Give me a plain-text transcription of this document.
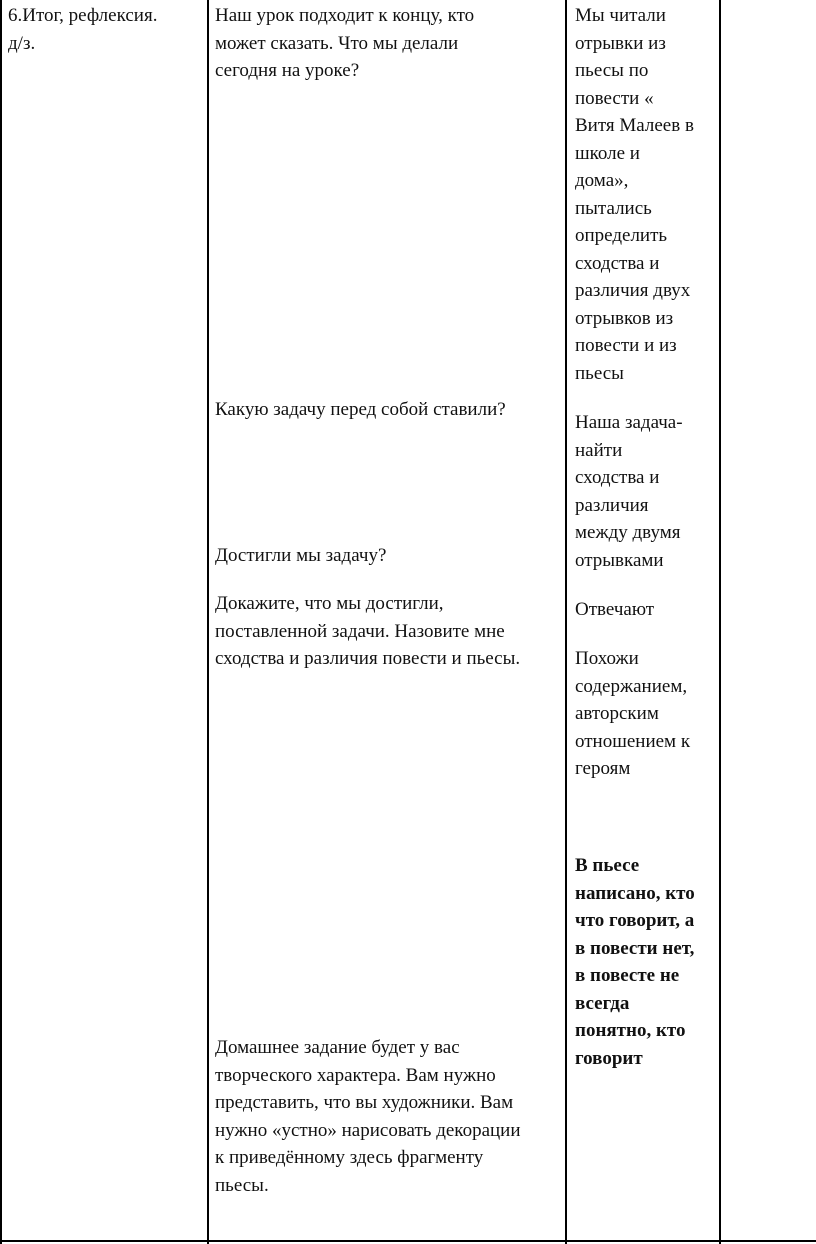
6.Итог, рефлексия.
д/з.
Наш урок подходит к концу, кто
может сказать. Что мы делали
сегодня на уроке?
Какую задачу перед собой ставили?
Достигли мы задачу?
Докажите, что мы достигли,
поставленной задачи. Назовите мне
сходства и различия повести и пьесы.
Домашнее задание будет у вас
творческого характера. Вам нужно
представить, что вы художники. Вам
нужно «устно» нарисовать декорации
к приведённому здесь фрагменту
пьесы.
Мы читали
отрывки из
пьесы по
повести «
Витя Малеев в
школе и
дома»,
пытались
определить
сходства и
различия двух
отрывков из
повести и из
пьесы
Наша задача-
найти
сходства и
различия
между двумя
отрывками
Отвечают
Похожи
содержанием,
авторским
отношением к
героям
В пьесе
написано, кто
что говорит, а
в повести нет,
в повесте не
всегда
понятно, кто
говорит
